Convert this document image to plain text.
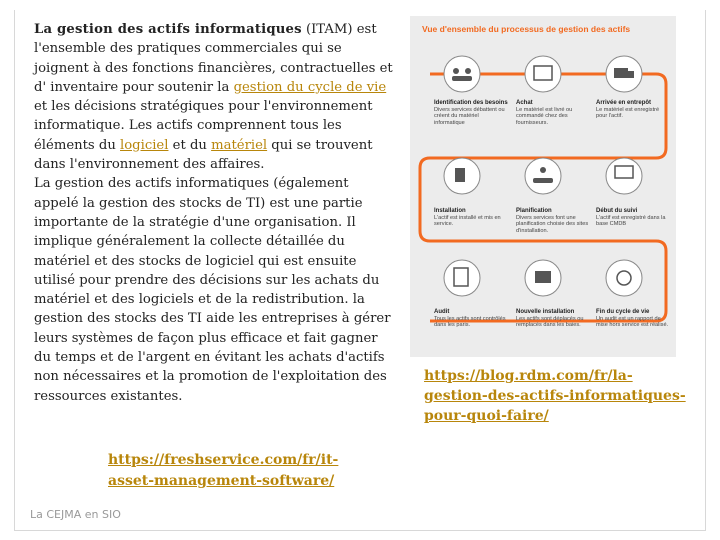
La gestion des actifs informatiques (ITAM) est l'ensemble des pratiques commerciales qui se joignent à des fonctions financières, contractuelles et d' inventaire pour soutenir la gestion du cycle de vie et les décisions stratégiques pour l'environnement informatique. Les actifs comprennent tous les éléments du logiciel et du matériel qui se trouvent dans l'environnement des affaires.

La gestion des actifs informatiques (également appelé la gestion des stocks de TI) est une partie importante de la stratégie d'une organisation. Il implique généralement la collecte détaillée du matériel et des stocks de logiciel qui est ensuite utilisé pour prendre des décisions sur les achats du matériel et des logiciels et de la redistribution. la gestion des stocks des TI aide les entreprises à gérer leurs systèmes de façon plus efficace et fait gagner du temps et de l'argent en évitant les achats d'actifs non nécessaires et la promotion de l'exploitation des ressources existantes.

https://freshservice.com/fr/it-asset-management-software/
Vue d'ensemble du processus de gestion des actifs
Identification des besoins
Divers services débattent ou créent du matériel informatique
Achat
Le matériel est livré ou commandé chez des fournisseurs.
Arrivée en entrepôt
Le matériel est enregistré pour l'actif.
Installation
L'actif est installé et mis en service.
Planification
Divers services font une planification choisie des sites d'installation.
Début du suivi
L'actif est enregistré dans la base CMDB
Audit
Tous les actifs sont contrôlés dans les paris.
Nouvelle installation
Les actifs sont déplacés ou remplacés dans les baies.
Fin du cycle de vie
Un audit est un rapport de mise hors service est réalisé.
https://blog.rdm.com/fr/la-gestion-des-actifs-informatiques-pour-quoi-faire/
La CEJMA en SIO
